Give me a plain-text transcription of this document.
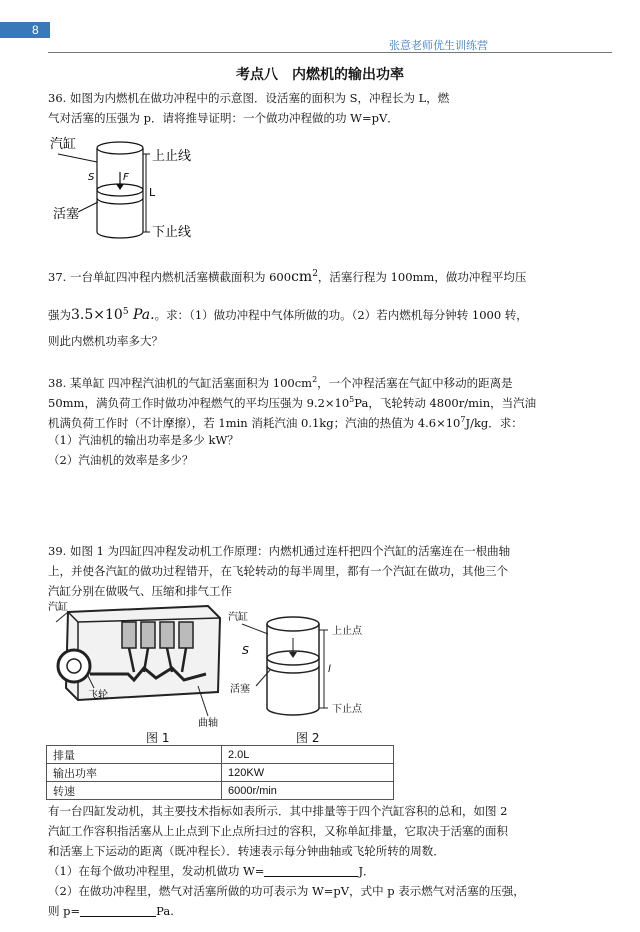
8
张意老师优生训练营
考点八　内燃机的输出功率
36. 如图为内燃机在做功冲程中的示意图．设活塞的面积为 S，冲程长为 L，燃
气对活塞的压强为 p．请将推导证明：一个做功冲程做的功 W=pV．
汽缸
活塞
上止线
下止线
S	F
L
37. 一台单缸四冲程内燃机活塞横截面积为 $600cm^2$，活塞行程为 100mm，做功冲程平均压
强为$3.5\times 10^5$ Pa.。求：（1）做功冲程中气体所做的功。（2）若内燃机每分钟转 1000 转，
则此内燃机功率多大？
38. 某单缸 四冲程汽油机的气缸活塞面积为 $100cm^2$，一个冲程活塞在气缸中移动的距离是
50mm，满负荷工作时做功冲程燃气的平均压强为 $9.2\times 10^5Pa$，飞轮转动 4800r/min，当汽油
机满负荷工作时（不计摩擦），若 1min 消耗汽油 0.1kg；汽油的热值为 $4.6\times 10^7J/kg$．求：
（1）汽油机的输出功率是多少 kW？
（2）汽油机的效率是多少？
39. 如图 1 为四缸四冲程发动机工作原理：内燃机通过连杆把四个汽缸的活塞连在一根曲轴
上，并使各汽缸的做功过程错开，在飞轮转动的每半周里，都有一个汽缸在做功，其他三个
汽缸分别在做吸气、压缩和排气工作
汽缸
飞轮
曲轴
汽缸
活塞
S
l
上止点
下止点
图 1	图 2
排量	2.0L
输出功率	120KW
转速	6000r/min
有一台四缸发动机，其主要技术指标如表所示．其中排量等于四个汽缸容积的总和，如图 2
汽缸工作容积指活塞从上止点到下止点所扫过的容积，又称单缸排量，它取决于活塞的面积
和活塞上下运动的距离（既冲程长）．转速表示每分钟曲轴或飞轮所转的周数．
（1）在每个做功冲程里，发动机做功 W=	J．
（2）在做功冲程里，燃气对活塞所做的功可表示为 W=pV，式中 p 表示燃气对活塞的压强，
则 p=	Pa.
